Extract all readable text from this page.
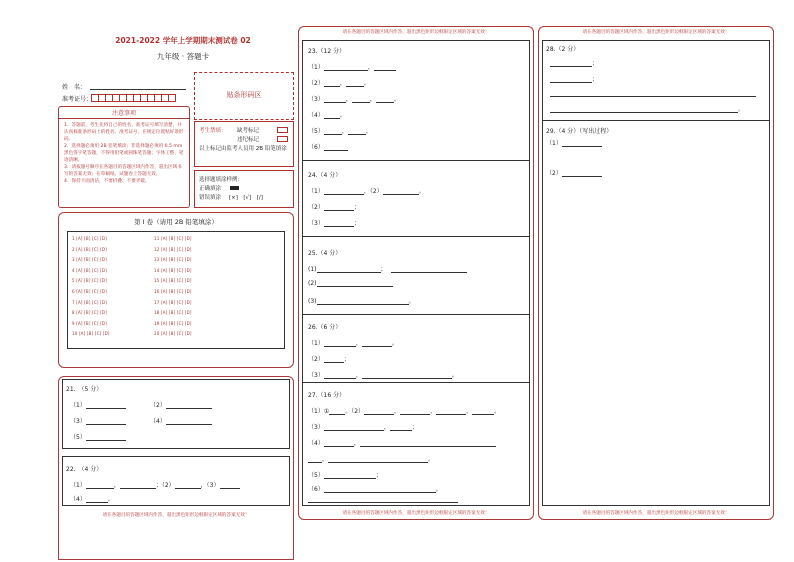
2021-2022 学年上学期期末测试卷 02
九年级 · 答题卡
姓　名：
准考证号：
贴条形码区
注意事项
1．答题前，考生先将自己的姓名、准考证号填写清楚，并认真核准条形码上的姓名、准考证号，在规定位置贴好条形码。
2．选择题必须用 2B 铅笔填涂；非选择题必须用 0.5 mm 黑色签字笔答题，不得用铅笔或圆珠笔答题；字体工整、笔迹清晰。
3．请按题号顺序在各题目的答题区域内作答，超出区域书写的答案无效；在草稿纸、试题卷上答题无效。
4．保持卡面清洁，不要折叠、不要弄破。
考生禁填： 缺考标记
违纪标记
以上标记由监考人员用 2B 铅笔填涂
选择题填涂样例：
正确填涂
错误填涂 [×]　[√]　[/]
第 I 卷（请用 2B 铅笔填涂）
1 [A] [B] [C] [D]
2 [A] [B] [C] [D]
3 [A] [B] [C] [D]
4 [A] [B] [C] [D]
5 [A] [B] [C] [D]
6 [A] [B] [C] [D]
7 [A] [B] [C] [D]
8 [A] [B] [C] [D]
9 [A] [B] [C] [D]
10 [A] [B] [C] [D]
11 [A] [B] [C] [D]
12 [A] [B] [C] [D]
13 [A] [B] [C] [D]
14 [A] [B] [C] [D]
15 [A] [B] [C] [D]
16 [A] [B] [C] [D]
17 [A] [B] [C] [D]
18 [A] [B] [C] [D]
19 [A] [B] [C] [D]
20 [A] [B] [C] [D]
21.　（5 分）
（1）	（2）
（3）	（4）
（5）
22.　（4 分）
（1）	，	；（2）	，（3）
（4）	。
请在各题目的答题区域内作答，超出黑色矩形边框限定区域的答案无效！
请在各题目的答题区域内作答，超出黑色矩形边框限定区域的答案无效！
23.（12 分）
（1）	，
（2）	，	。
（3）	，	，	。
（4）	。
（5）	，	。
（6）
24.（4 分）
（1）	，（2）	。
（2）	；
（3）	；
25.（4 分）
(1)	；
(2)
(3)	。
26.（6 分）
（1）	，	。
（2）	；
（3）	，	。
27.（16 分）
（1）①	。（2）	，	，	，	。
（3）	，	；
（4）	，
，	。
（5）	；
（6）	。
请在各题目的答题区域内作答，超出黑色矩形边框限定区域的答案无效！
请在各题目的答题区域内作答，超出黑色矩形边框限定区域的答案无效！
28.（2 分）
；
；
。
29.（4 分）（写出过程）
（1）
（2）
请在各题目的答题区域内作答，超出黑色矩形边框限定区域的答案无效！
